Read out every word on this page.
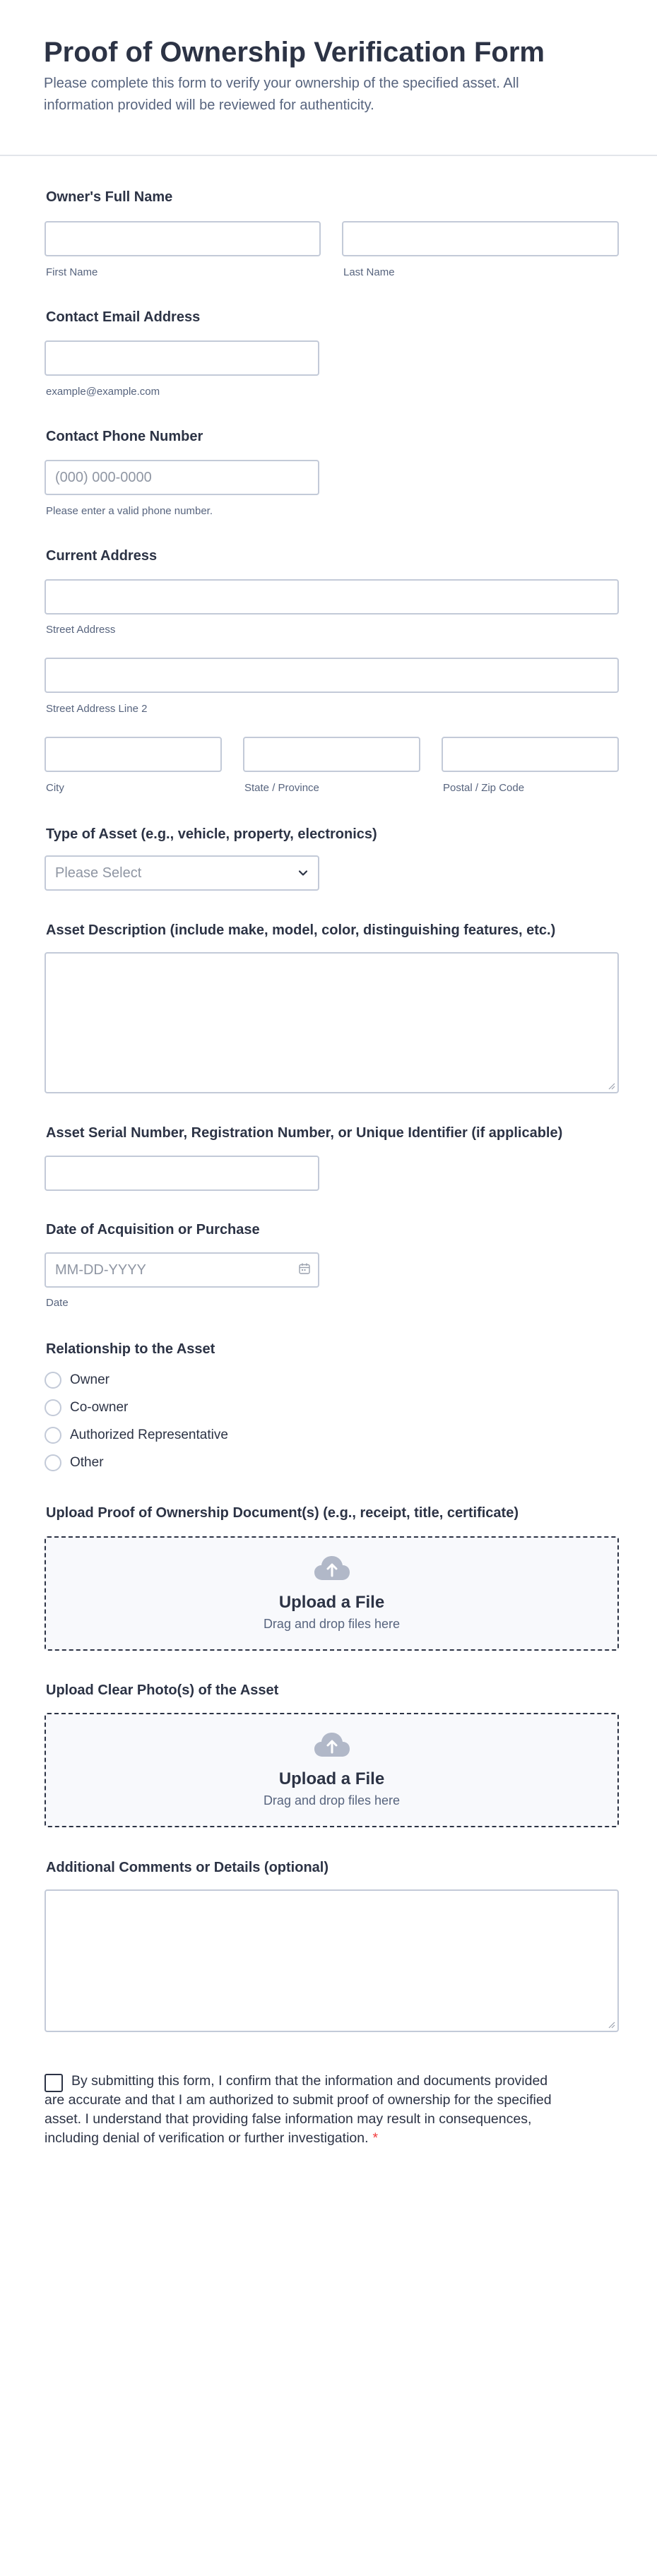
Proof of Ownership Verification Form
Please complete this form to verify your ownership of the specified asset. All information provided will be reviewed for authenticity.
Owner's Full Name
First Name	Last Name
Contact Email Address
example@example.com
Contact Phone Number
(000) 000-0000
Please enter a valid phone number.
Current Address
Street Address
Street Address Line 2
City	State / Province	Postal / Zip Code
Type of Asset (e.g., vehicle, property, electronics)
Please Select
Asset Description (include make, model, color, distinguishing features, etc.)
Asset Serial Number, Registration Number, or Unique Identifier (if applicable)
Date of Acquisition or Purchase
MM-DD-YYYY
Date
Relationship to the Asset
Owner
Co-owner
Authorized Representative
Other
Upload Proof of Ownership Document(s) (e.g., receipt, title, certificate)
Upload a File
Drag and drop files here
Upload Clear Photo(s) of the Asset
Upload a File
Drag and drop files here
Additional Comments or Details (optional)
By submitting this form, I confirm that the information and documents provided are accurate and that I am authorized to submit proof of ownership for the specified asset. I understand that providing false information may result in consequences, including denial of verification or further investigation. *
